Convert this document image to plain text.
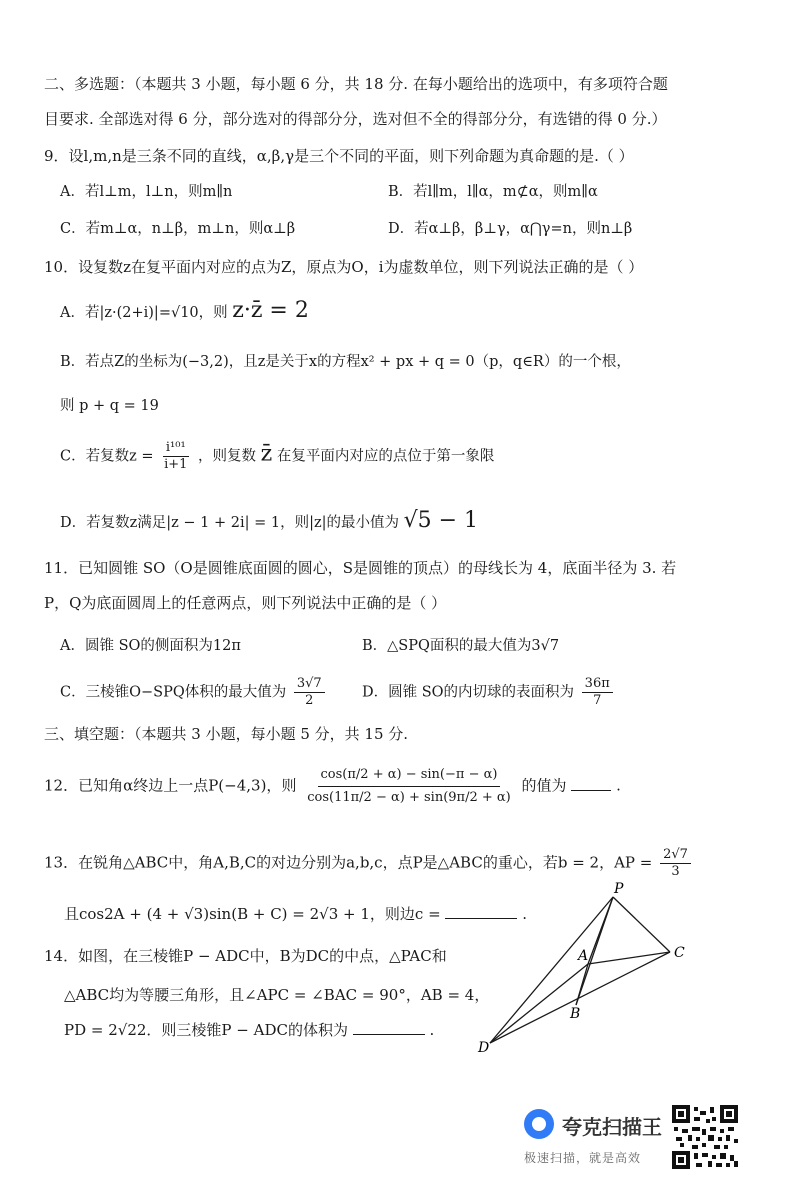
二、多选题：（本题共 3 小题，每小题 6 分，共 18 分. 在每小题给出的选项中，有多项符合题
目要求. 全部选对得 6 分，部分选对的得部分分，选对但不全的得部分分，有选错的得 0 分.）
9．设l,m,n是三条不同的直线，α,β,γ是三个不同的平面，则下列命题为真命题的是.（ ）
A．若l⊥m，l⊥n，则m∥n	B．若l∥m，l∥α，m⊄α，则m∥α
C．若m⊥α，n⊥β，m⊥n，则α⊥β	D．若α⊥β，β⊥γ，α⋂γ=n，则n⊥β
10．设复数z在复平面内对应的点为Z，原点为O，i为虚数单位，则下列说法正确的是（ ）
A．若|z·(2+i)|=√10，则 z·z̄ = 2
B．若点Z的坐标为(−3,2)，且z是关于x的方程x² + px + q = 0（p，q∈R）的一个根，
则 p + q = 19
C．若复数$z = \frac{\text{i¹⁰¹}}{i+1}$ ，则复数 z̄ 在复平面内对应的点位于第一象限
D．若复数z满足|z − 1 + 2i| = 1，则|z|的最小值为 √5 − 1
11．已知圆锥 SO（O是圆锥底面圆的圆心，S是圆锥的顶点）的母线长为 4，底面半径为 3. 若
P，Q为底面圆周上的任意两点，则下列说法中正确的是（ ）
A．圆锥 SO的侧面积为12π	B．△SPQ面积的最大值为3√7
C．三棱锥O−SPQ体积的最大值为 $\frac{3√7}{2}$	D．圆锥 SO的内切球的表面积为 $\frac{36\pi}{7}$
三、填空题：（本题共 3 小题，每小题 5 分，共 15 分.
12．已知角α终边上一点P(−4,3)，则 $\frac{\cos(\pi/2 + \alpha) - \sin(-\pi - \alpha)}{\cos(11\pi/2 - \alpha) + \sin(9\pi/2 + \alpha)}$ 的值为	.
13．在锐角△ABC中，角A,B,C的对边分别为a,b,c，点P是△ABC的重心，若b = 2，AP = $\frac{2√7}{3}$
且cos2A + (4 + √3)sin(B + C) = 2√3 + 1，则边c =	.
14．如图，在三棱锥P − ADC中，B为DC的中点，△PAC和
△ABC均为等腰三角形，且∠APC = ∠BAC = 90°，AB = 4，
PD = 2√22．则三棱锥P − ADC的体积为	.
P
A
B
C
D
夸克扫描王
极速扫描，就是高效
